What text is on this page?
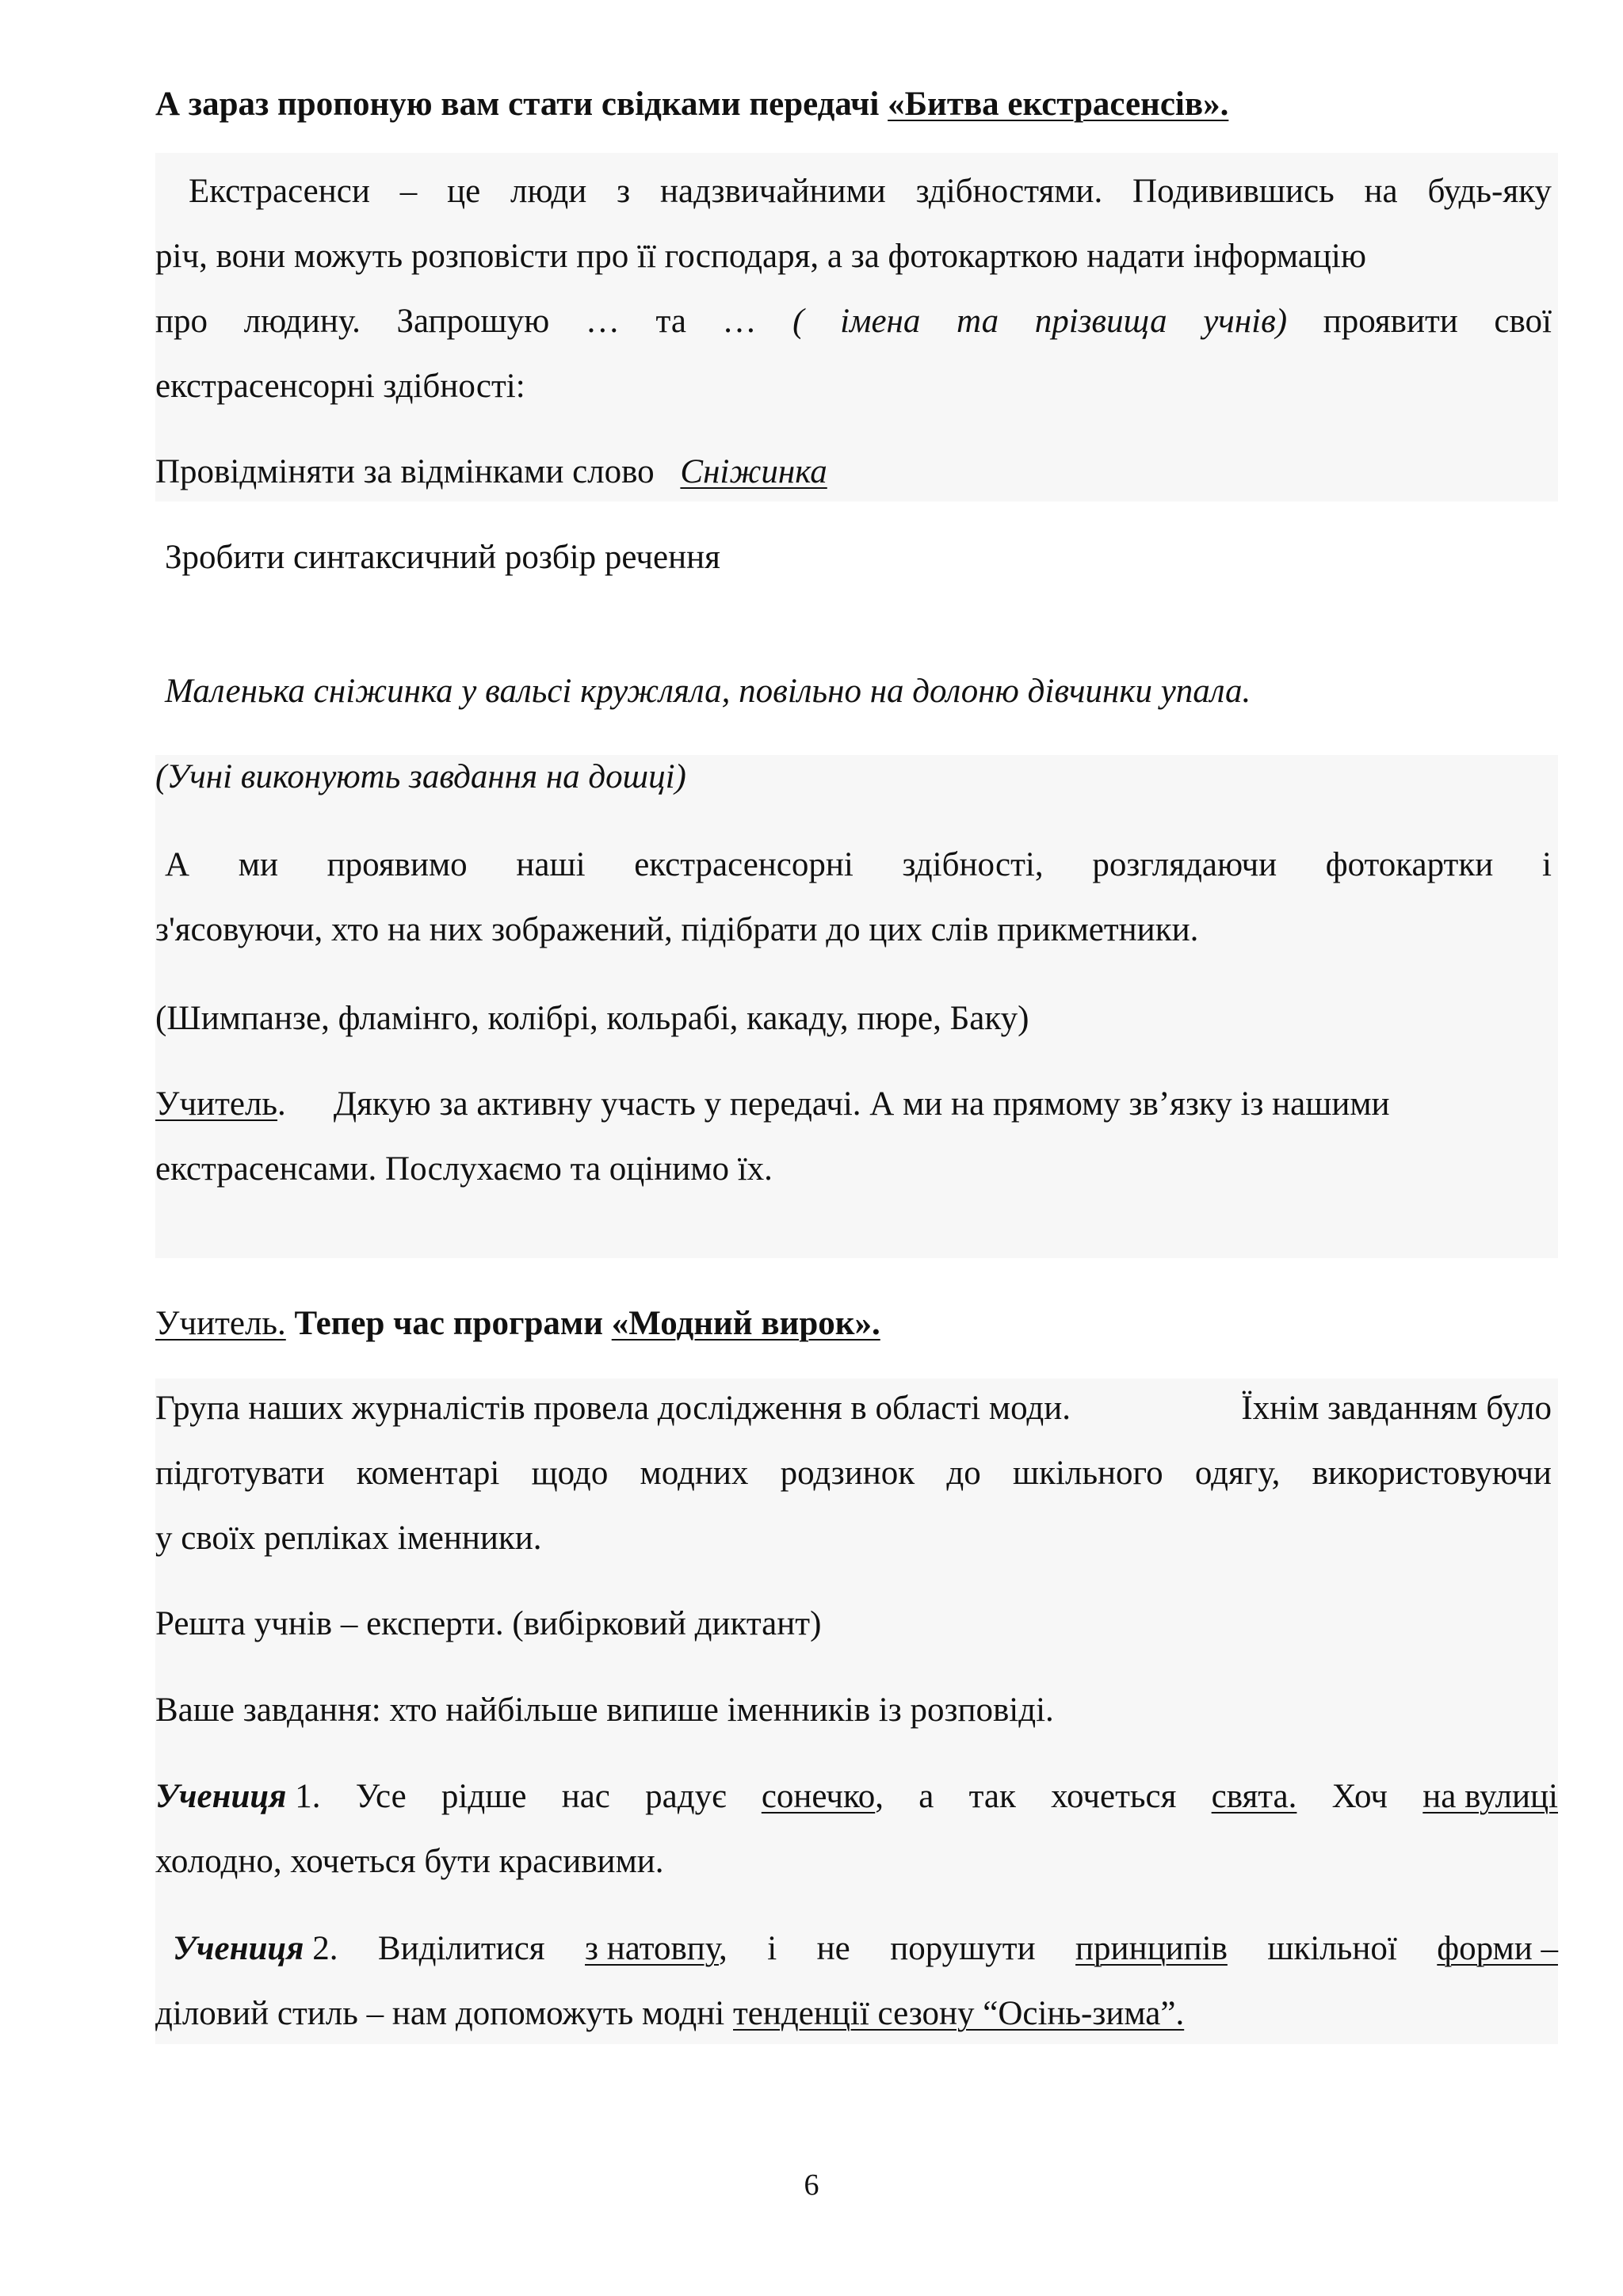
А зараз пропоную вам стати свідками передачі «Битва екстрасенсів».
Екстрасенси – це люди з надзвичайними здібностями. Подивившись на будь-яку
річ, вони можуть розповісти про її господаря, а за фотокарткою надати інформацію
про людину. Запрошую … та … ( імена та прізвища учнів) проявити свої
екстрасенсорні здібності:
Провідміняти за відмінками слово Сніжинка
Зробити синтаксичний розбір речення
Маленька сніжинка у вальсі кружляла, повільно на долоню дівчинки упала.
(Учні виконують завдання на дошці)
А ми проявимо наші екстрасенсорні здібності, розглядаючи фотокартки і
з'ясовуючи, хто на них зображений, підібрати до цих слів прикметники.
(Шимпанзе, фламінго, колібрі, кольрабі, какаду, пюре, Баку)
Учитель. Дякую за активну участь у передачі. А ми на прямому зв’язку із нашими
екстрасенсами. Послухаємо та оцінимо їх.
Учитель. Тепер час програми «Модний вирок».
Група наших журналістів провела дослідження в області моди.	Їхнім завданням було
підготувати коментарі щодо модних родзинок до шкільного одягу, використовуючи
у своїх репліках іменники.
Решта учнів – експерти. (вибірковий диктант)
Ваше завдання: хто найбільше випише іменників із розповіді.
Учениця 1. Усе рідше нас радує сонечко, а так хочеться свята. Хоч на вулиці
холодно, хочеться бути красивими.
Учениця 2. Виділитися з натовпу, і не порушути принципів шкільної форми –
діловий стиль – нам допоможуть модні тенденції сезону “Осінь-зима”.
6
